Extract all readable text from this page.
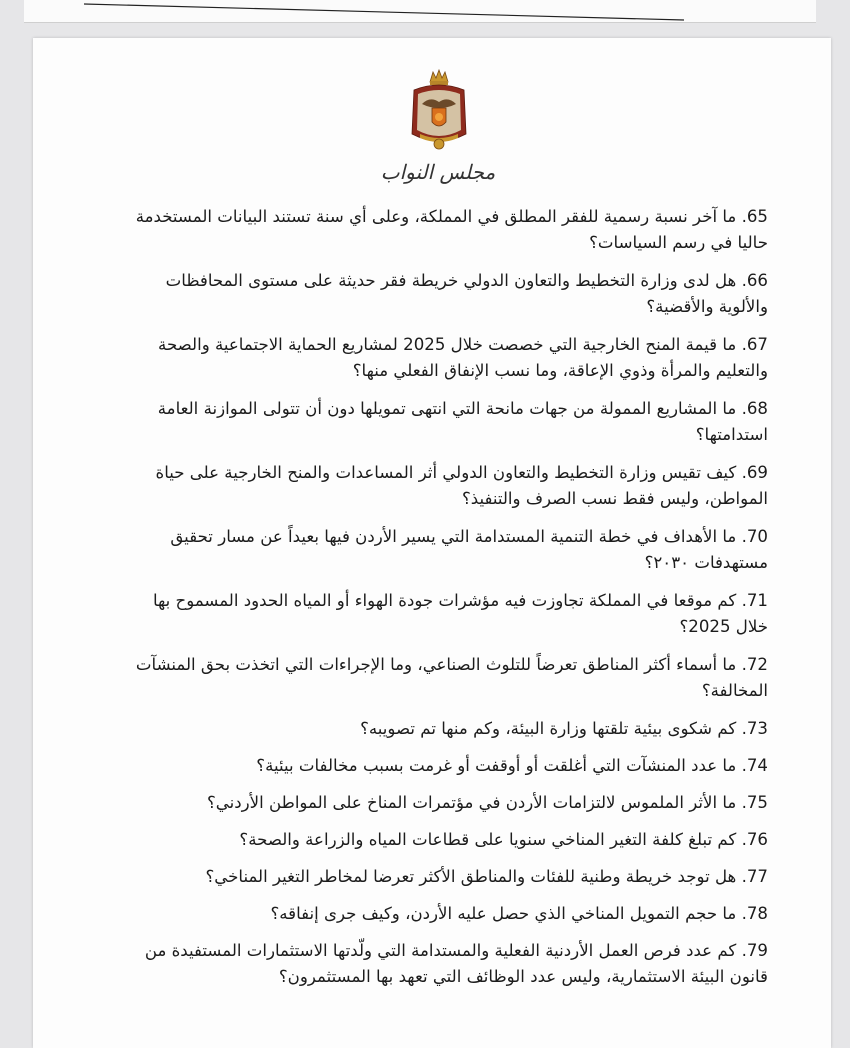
مجلس النواب
65. ما آخر نسبة رسمية للفقر المطلق في المملكة، وعلى أي سنة تستند البيانات المستخدمة حاليا في رسم السياسات؟
66. هل لدى وزارة التخطيط والتعاون الدولي خريطة فقر حديثة على مستوى المحافظات والألوية والأقضية؟
67. ما قيمة المنح الخارجية التي خصصت خلال 2025 لمشاريع الحماية الاجتماعية والصحة والتعليم والمرأة وذوي الإعاقة، وما نسب الإنفاق الفعلي منها؟
68. ما المشاريع الممولة من جهات مانحة التي انتهى تمويلها دون أن تتولى الموازنة العامة استدامتها؟
69. كيف تقيس وزارة التخطيط والتعاون الدولي أثر المساعدات والمنح الخارجية على حياة المواطن، وليس فقط نسب الصرف والتنفيذ؟
70. ما الأهداف في خطة التنمية المستدامة التي يسير الأردن فيها بعيداً عن مسار تحقيق مستهدفات ٢٠٣٠؟
71. كم موقعا في المملكة تجاوزت فيه مؤشرات جودة الهواء أو المياه الحدود المسموح بها خلال 2025؟
72. ما أسماء أكثر المناطق تعرضاً للتلوث الصناعي، وما الإجراءات التي اتخذت بحق المنشآت المخالفة؟
73. كم شكوى بيئية تلقتها وزارة البيئة، وكم منها تم تصويبه؟
74. ما عدد المنشآت التي أغلقت أو أوقفت أو غرمت بسبب مخالفات بيئية؟
75. ما الأثر الملموس لالتزامات الأردن في مؤتمرات المناخ على المواطن الأردني؟
76. كم تبلغ كلفة التغير المناخي سنويا على قطاعات المياه والزراعة والصحة؟
77. هل توجد خريطة وطنية للفئات والمناطق الأكثر تعرضا لمخاطر التغير المناخي؟
78. ما حجم التمويل المناخي الذي حصل عليه الأردن، وكيف جرى إنفاقه؟
79. كم عدد فرص العمل الأردنية الفعلية والمستدامة التي ولّدتها الاستثمارات المستفيدة من قانون البيئة الاستثمارية، وليس عدد الوظائف التي تعهد بها المستثمرون؟
